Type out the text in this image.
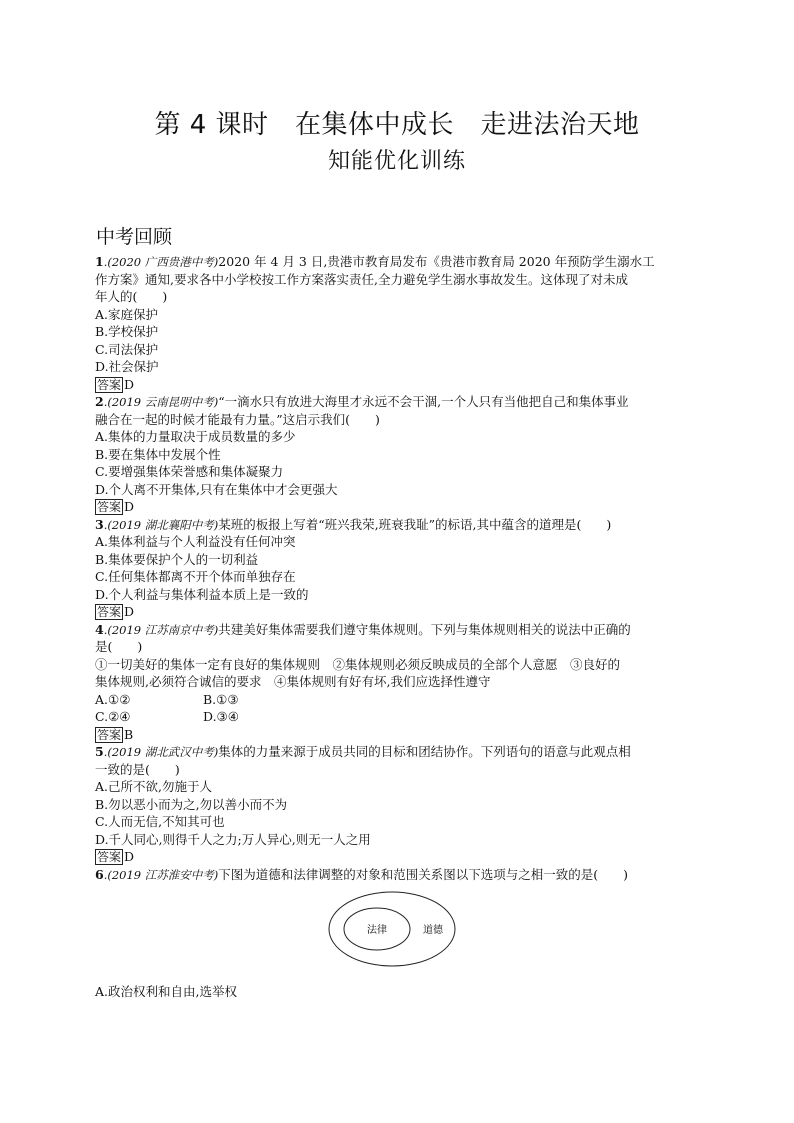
第 4 课时　在集体中成长　走进法治天地
知能优化训练
中考回顾
1.(2020 广西贵港中考)2020 年 4 月 3 日,贵港市教育局发布《贵港市教育局 2020 年预防学生溺水工
作方案》通知,要求各中小学校按工作方案落实责任,全力避免学生溺水事故发生。这体现了对未成
年人的(　　)
A.家庭保护
B.学校保护
C.司法保护
D.社会保护
答案 D
2.(2019 云南昆明中考)“一滴水只有放进大海里才永远不会干涸,一个人只有当他把自己和集体事业
融合在一起的时候才能最有力量。”这启示我们(　　)
A.集体的力量取决于成员数量的多少
B.要在集体中发展个性
C.要增强集体荣誉感和集体凝聚力
D.个人离不开集体,只有在集体中才会更强大
答案 D
3.(2019 湖北襄阳中考)某班的板报上写着“班兴我荣,班衰我耻”的标语,其中蕴含的道理是(　　)
A.集体利益与个人利益没有任何冲突
B.集体要保护个人的一切利益
C.任何集体都离不开个体而单独存在
D.个人利益与集体利益本质上是一致的
答案 D
4.(2019 江苏南京中考)共建美好集体需要我们遵守集体规则。下列与集体规则相关的说法中正确的
是(　　)
①一切美好的集体一定有良好的集体规则　②集体规则必须反映成员的全部个人意愿　③良好的
集体规则,必须符合诚信的要求　④集体规则有好有坏,我们应选择性遵守
A.①②	B.①③
C.②④	D.③④
答案 B
5.(2019 湖北武汉中考)集体的力量来源于成员共同的目标和团结协作。下列语句的语意与此观点相
一致的是(　　)
A.己所不欲,勿施于人
B.勿以恶小而为之,勿以善小而不为
C.人而无信,不知其可也
D.千人同心,则得千人之力;万人异心,则无一人之用
答案 D
6.(2019 江苏淮安中考)下图为道德和法律调整的对象和范围关系图以下选项与之相一致的是(　　)
法律	道德
A.政治权利和自由,选举权
